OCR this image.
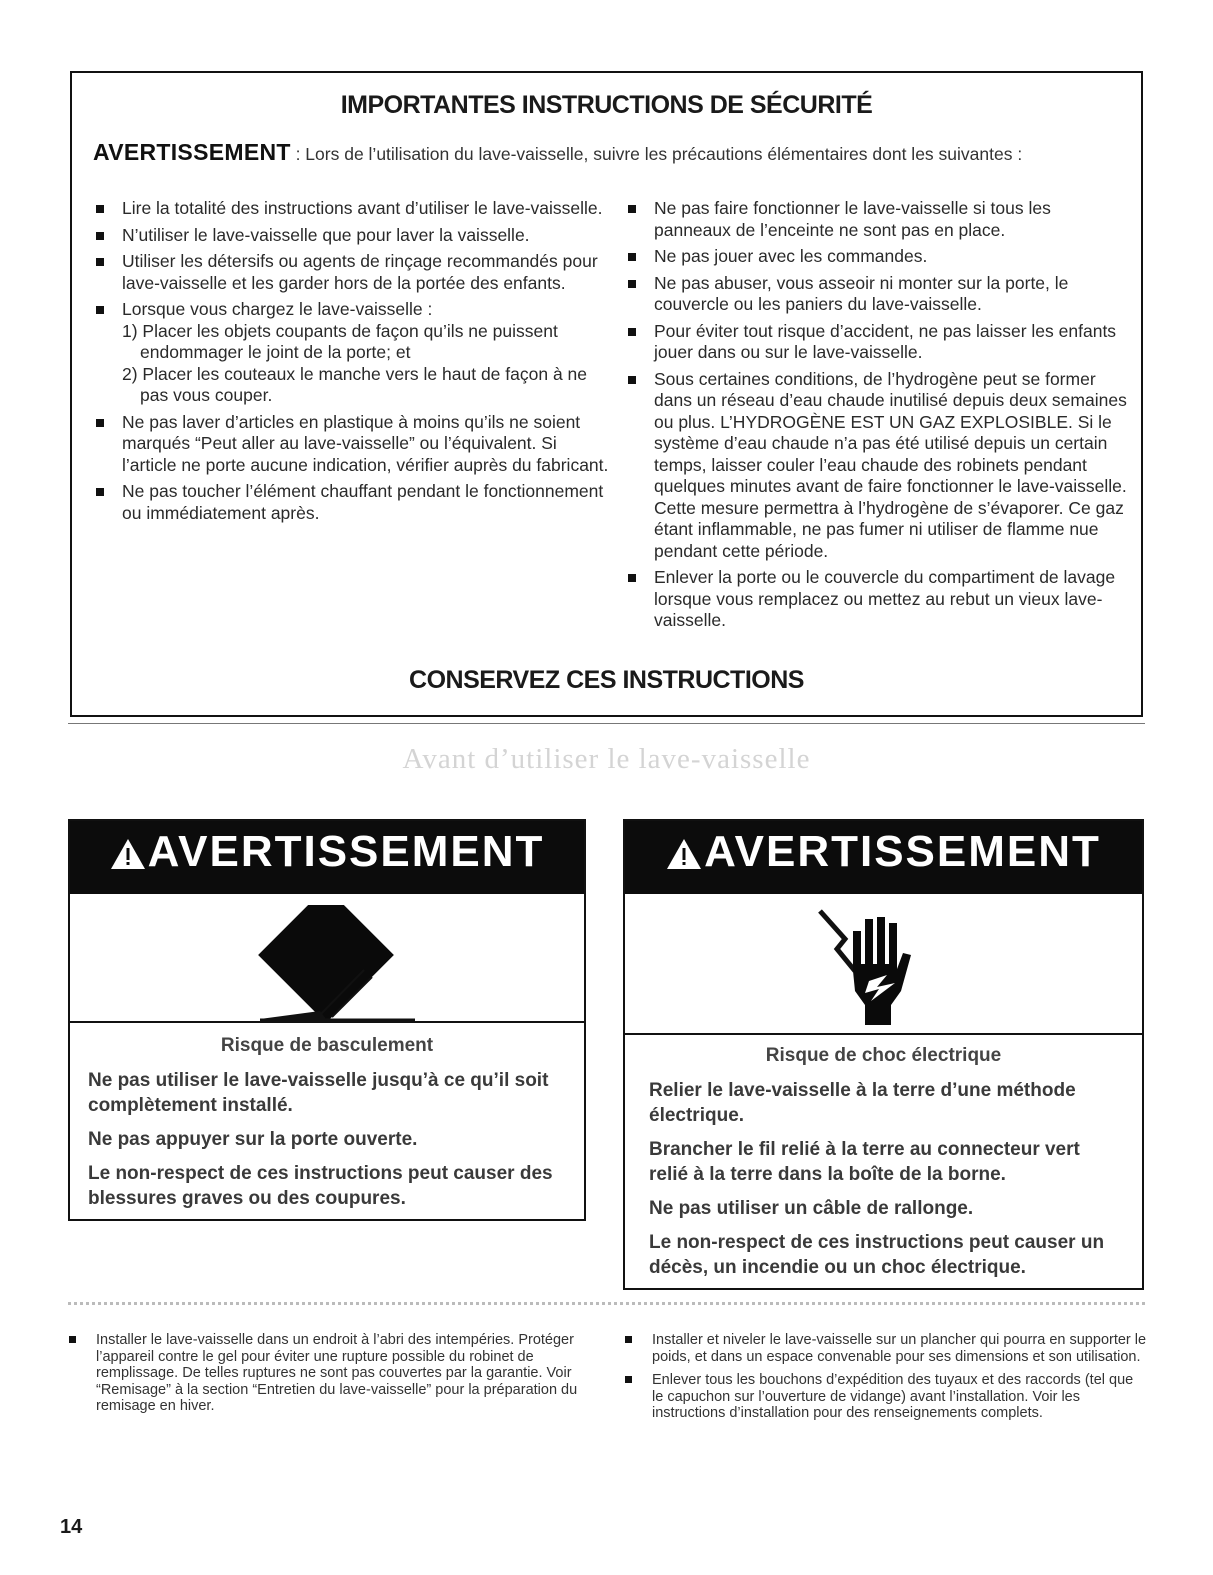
IMPORTANTES INSTRUCTIONS DE SÉCURITÉ
AVERTISSEMENT : Lors de l’utilisation du lave-vaisselle, suivre les précautions élémentaires dont les suivantes :
Lire la totalité des instructions avant d’utiliser le lave-vaisselle.
N’utiliser le lave-vaisselle que pour laver la vaisselle.
Utiliser les détersifs ou agents de rinçage recommandés pour lave-vaisselle et les garder hors de la portée des enfants.
Lorsque vous chargez le lave-vaisselle :
1) Placer les objets coupants de façon qu’ils ne puissent endommager le joint de la porte; et
2) Placer les couteaux le manche vers le haut de façon à ne pas vous couper.
Ne pas laver d’articles en plastique à moins qu’ils ne soient marqués “Peut aller au lave-vaisselle” ou l’équivalent. Si l’article ne porte aucune indication, vérifier auprès du fabricant.
Ne pas toucher l’élément chauffant pendant le fonctionnement ou immédiatement après.
Ne pas faire fonctionner le lave-vaisselle si tous les panneaux de l’enceinte ne sont pas en place.
Ne pas jouer avec les commandes.
Ne pas abuser, vous asseoir ni monter sur la porte, le couvercle ou les paniers du lave-vaisselle.
Pour éviter tout risque d’accident, ne pas laisser les enfants jouer dans ou sur le lave-vaisselle.
Sous certaines conditions, de l’hydrogène peut se former dans un réseau d’eau chaude inutilisé depuis deux semaines ou plus. L’HYDROGÈNE EST UN GAZ EXPLOSIBLE. Si le système d’eau chaude n’a pas été utilisé depuis un certain temps, laisser couler l’eau chaude des robinets pendant quelques minutes avant de faire fonctionner le lave-vaisselle. Cette mesure permettra à l’hydrogène de s’évaporer. Ce gaz étant inflammable, ne pas fumer ni utiliser de flamme nue pendant cette période.
Enlever la porte ou le couvercle du compartiment de lavage lorsque vous remplacez ou mettez au rebut un vieux lave-vaisselle.
CONSERVEZ CES INSTRUCTIONS
Avant d’utiliser le lave-vaisselle
AVERTISSEMENT
Risque de basculement

Ne pas utiliser le lave-vaisselle jusqu’à ce qu’il soit complètement installé.

Ne pas appuyer sur la porte ouverte.

Le non-respect de ces instructions peut causer des blessures graves ou des coupures.

AVERTISSEMENT
Risque de choc électrique

Relier le lave-vaisselle à la terre d’une méthode électrique.

Brancher le fil relié à la terre au connecteur vert relié à la terre dans la boîte de la borne.

Ne pas utiliser un câble de rallonge.

Le non-respect de ces instructions peut causer un décès, un incendie ou un choc électrique.

Installer le lave-vaisselle dans un endroit à l’abri des intempéries. Protéger l’appareil contre le gel pour éviter une rupture possible du robinet de remplissage. De telles ruptures ne sont pas couvertes par la garantie. Voir “Remisage” à la section “Entretien du lave-vaisselle” pour la préparation du remisage en hiver.
Installer et niveler le lave-vaisselle sur un plancher qui pourra en supporter le poids, et dans un espace convenable pour ses dimensions et son utilisation.
Enlever tous les bouchons d’expédition des tuyaux et des raccords (tel que le capuchon sur l’ouverture de vidange) avant l’installation. Voir les instructions d’installation pour des renseignements complets.
14
